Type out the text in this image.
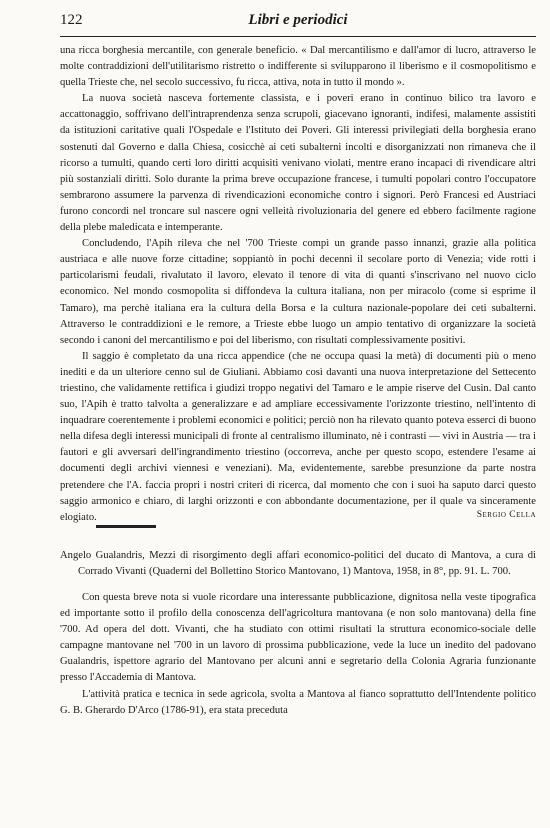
122	Libri e periodici

una ricca borghesia mercantile, con generale beneficio. « Dal mercantilismo e dall'amor di lucro, attraverso le molte contraddizioni dell'utilitarismo ristretto o indifferente si svilupparono il liberismo e il cosmopolitismo e quella Trieste che, nel secolo successivo, fu ricca, attiva, nota in tutto il mondo ».

La nuova società nasceva fortemente classista, e i poveri erano in continuo bilico tra lavoro e accattonaggio, soffrivano dell'intraprendenza senza scrupoli, giacevano ignoranti, indifesi, malamente assistiti da istituzioni caritative quali l'Ospedale e l'Istituto dei Poveri. Gli interessi privilegiati della borghesia erano sostenuti dal Governo e dalla Chiesa, cosicchè ai ceti subalterni incolti e disorganizzati non rimaneva che il ricorso a tumulti, quando certi loro diritti acquisiti venivano violati, mentre erano incapaci di rivendicare altri più sostanziali diritti. Solo durante la prima breve occupazione francese, i tumulti popolari contro l'occupatore sembrarono assumere la parvenza di rivendicazioni economiche contro i signori. Però Francesi ed Austriaci furono concordi nel troncare sul nascere ogni velleità rivoluzionaria del genere ed ebbero facilmente ragione della plebe maledicata e intemperante.

Concludendo, l'Apih rileva che nel '700 Trieste compì un grande passo innanzi, grazie alla politica austriaca e alle nuove forze cittadine; soppiantò in pochi decenni il secolare porto di Venezia; vide rotti i particolarismi feudali, rivalutato il lavoro, elevato il tenore di vita di quanti s'inscrivano nel nuovo ciclo economico. Nel mondo cosmopolita si diffondeva la cultura italiana, non per miracolo (come si esprime il Tamaro), ma perchè italiana era la cultura della Borsa e la cultura nazionale-popolare dei ceti subalterni. Attraverso le contraddizioni e le remore, a Trieste ebbe luogo un ampio tentativo di organizzare la società secondo i canoni del mercantilismo e poi del liberismo, con risultati complessivamente positivi.

Il saggio è completato da una ricca appendice (che ne occupa quasi la metà) di documenti più o meno inediti e da un ulteriore cenno sul de Giuliani. Abbiamo così davanti una nuova interpretazione del Settecento triestino, che validamente rettifica i giudizi troppo negativi del Tamaro e le ampie riserve del Cusin. Dal canto suo, l'Apih è tratto talvolta a generalizzare e ad ampliare eccessivamente l'orizzonte triestino, nell'intento di inquadrare coerentemente i problemi economici e politici; perciò non ha rilevato quanto poteva esserci di buono nella difesa degli interessi municipali di fronte al centralismo illuminato, nè i contrasti — vivi in Austria — tra i fautori e gli avversari dell'ingrandimento triestino (occorreva, anche per questo scopo, estendere l'esame ai documenti degli archivi viennesi e veneziani). Ma, evidentemente, sarebbe presunzione da parte nostra pretendere che l'A. faccia propri i nostri criteri di ricerca, dal momento che con i suoi ha saputo darci questo saggio armonico e chiaro, di larghi orizzonti e con abbondante documentazione, per il quale va sinceramente elogiato.	Sergio Cella
Angelo Gualandris, Mezzi di risorgimento degli affari economico-politici del ducato di Mantova, a cura di Corrado Vivanti (Quaderni del Bollettino Storico Mantovano, 1) Mantova, 1958, in 8°, pp. 91. L. 700.

Con questa breve nota si vuole ricordare una interessante pubblicazione, dignitosa nella veste tipografica ed importante sotto il profilo della conoscenza dell'agricoltura mantovana (e non solo mantovana) della fine '700. Ad opera del dott. Vivanti, che ha studiato con ottimi risultati la struttura economico-sociale delle campagne mantovane nel '700 in un lavoro di prossima pubblicazione, vede la luce un inedito del padovano Gualandris, ispettore agrario del Mantovano per alcuni anni e segretario della Colonia Agraria funzionante presso l'Accademia di Mantova.

L'attività pratica e tecnica in sede agricola, svolta a Mantova al fianco soprattutto dell'Intendente politico G. B. Gherardo D'Arco (1786-91), era stata preceduta
